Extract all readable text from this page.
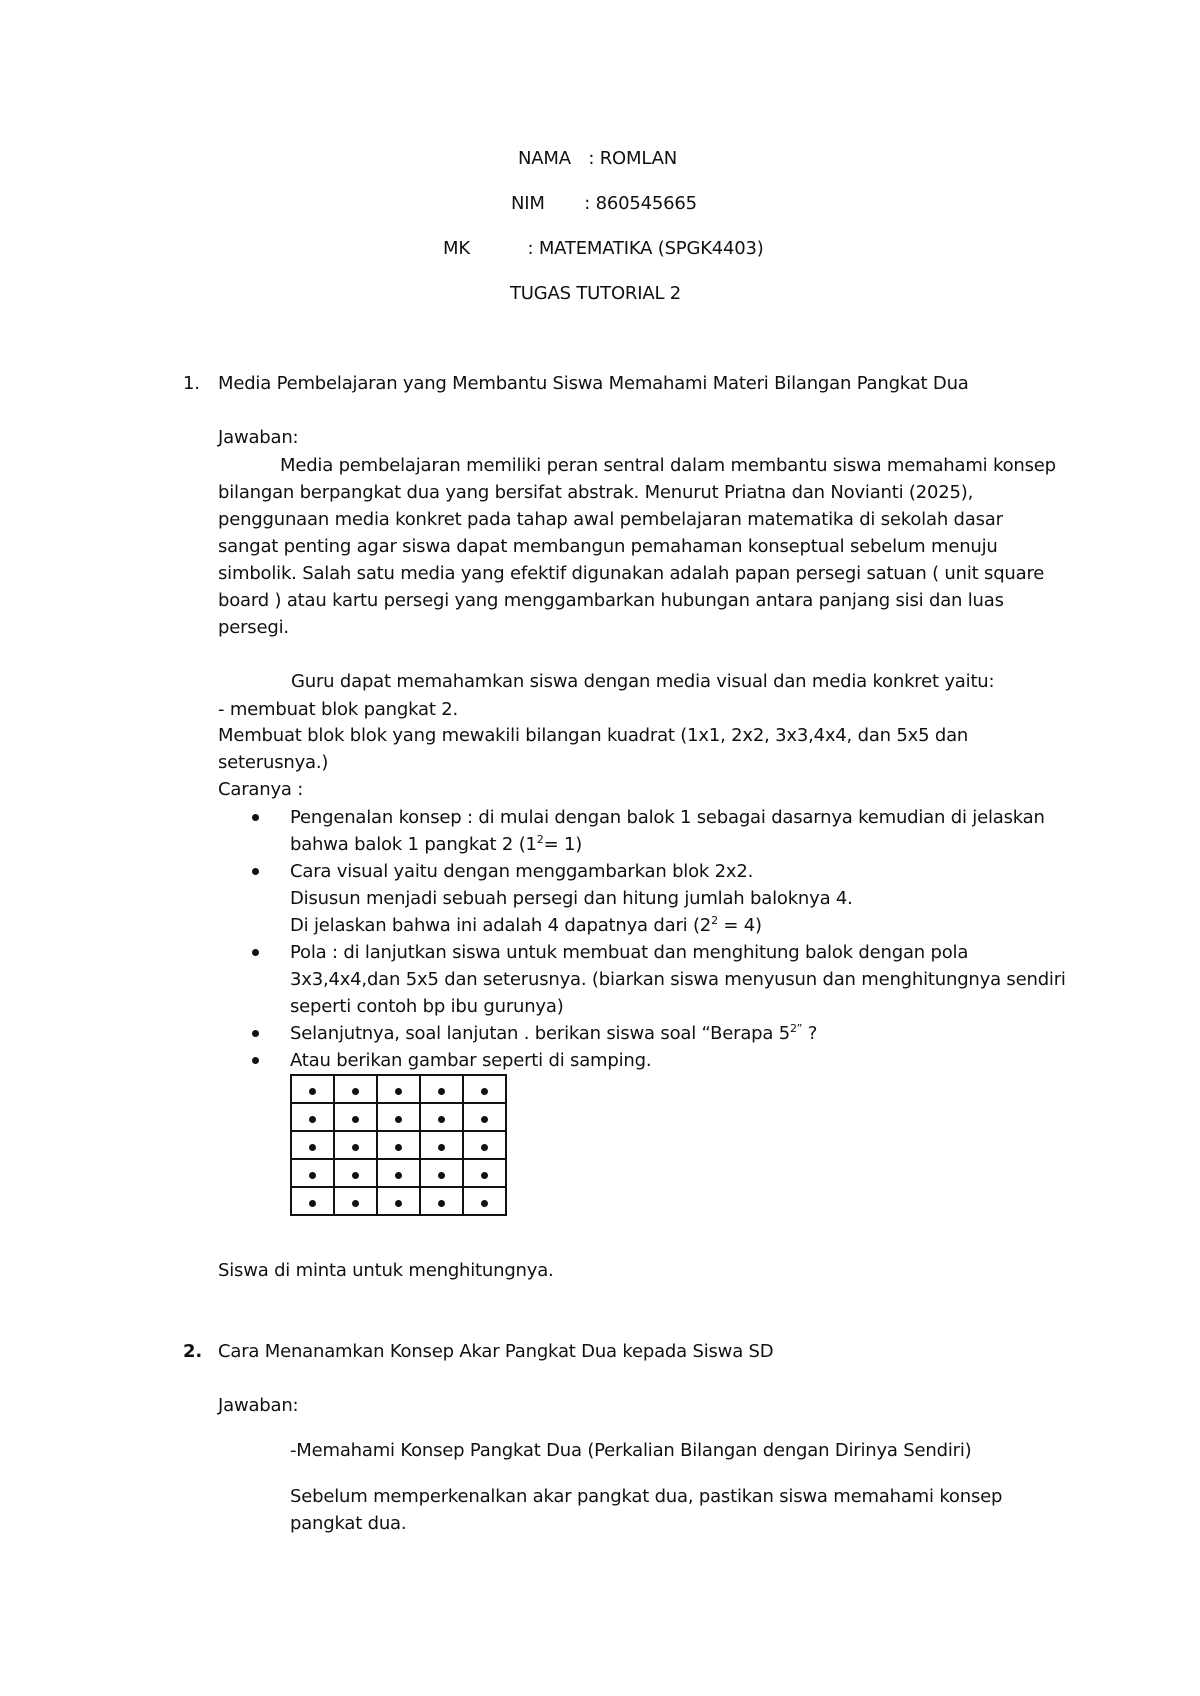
NAMA : ROMLAN
NIM : 860545665
MK	: MATEMATIKA (SPGK4403)
TUGAS TUTORIAL 2
1. Media Pembelajaran yang Membantu Siswa Memahami Materi Bilangan Pangkat Dua
Jawaban:
Media pembelajaran memiliki peran sentral dalam membantu siswa memahami konsep bilangan berpangkat dua yang bersifat abstrak. Menurut Priatna dan Novianti (2025), penggunaan media konkret pada tahap awal pembelajaran matematika di sekolah dasar sangat penting agar siswa dapat membangun pemahaman konseptual sebelum menuju simbolik. Salah satu media yang efektif digunakan adalah papan persegi satuan ( unit square board ) atau kartu persegi yang menggambarkan hubungan antara panjang sisi dan luas persegi.
Guru dapat memahamkan siswa dengan media visual dan media konkret yaitu:
- membuat blok pangkat 2.
Membuat blok blok yang mewakili bilangan kuadrat (1x1, 2x2, 3x3,4x4, dan 5x5 dan seterusnya.)
Caranya :
Pengenalan konsep : di mulai dengan balok 1 sebagai dasarnya kemudian di jelaskan bahwa balok 1 pangkat 2 $(1^2= 1)$
Cara visual yaitu dengan menggambarkan blok 2x2.
Disusun menjadi sebuah persegi dan hitung jumlah baloknya 4.
Di jelaskan bahwa ini adalah 4 dapatnya dari $(2^2 = 4)$
Pola : di lanjutkan siswa untuk membuat dan menghitung balok dengan pola 3x3,4x4,dan 5x5 dan seterusnya. (biarkan siswa menyusun dan menghitungnya sendiri seperti contoh bp ibu gurunya)
Selanjutnya, soal lanjutan . berikan siswa soal “Berapa $5^{2”}$ ?
Atau berikan gambar seperti di samping.

Siswa di minta untuk menghitungnya.
2. Cara Menanamkan Konsep Akar Pangkat Dua kepada Siswa SD
Jawaban:
-Memahami Konsep Pangkat Dua (Perkalian Bilangan dengan Dirinya Sendiri)
Sebelum memperkenalkan akar pangkat dua, pastikan siswa memahami konsep pangkat dua.
